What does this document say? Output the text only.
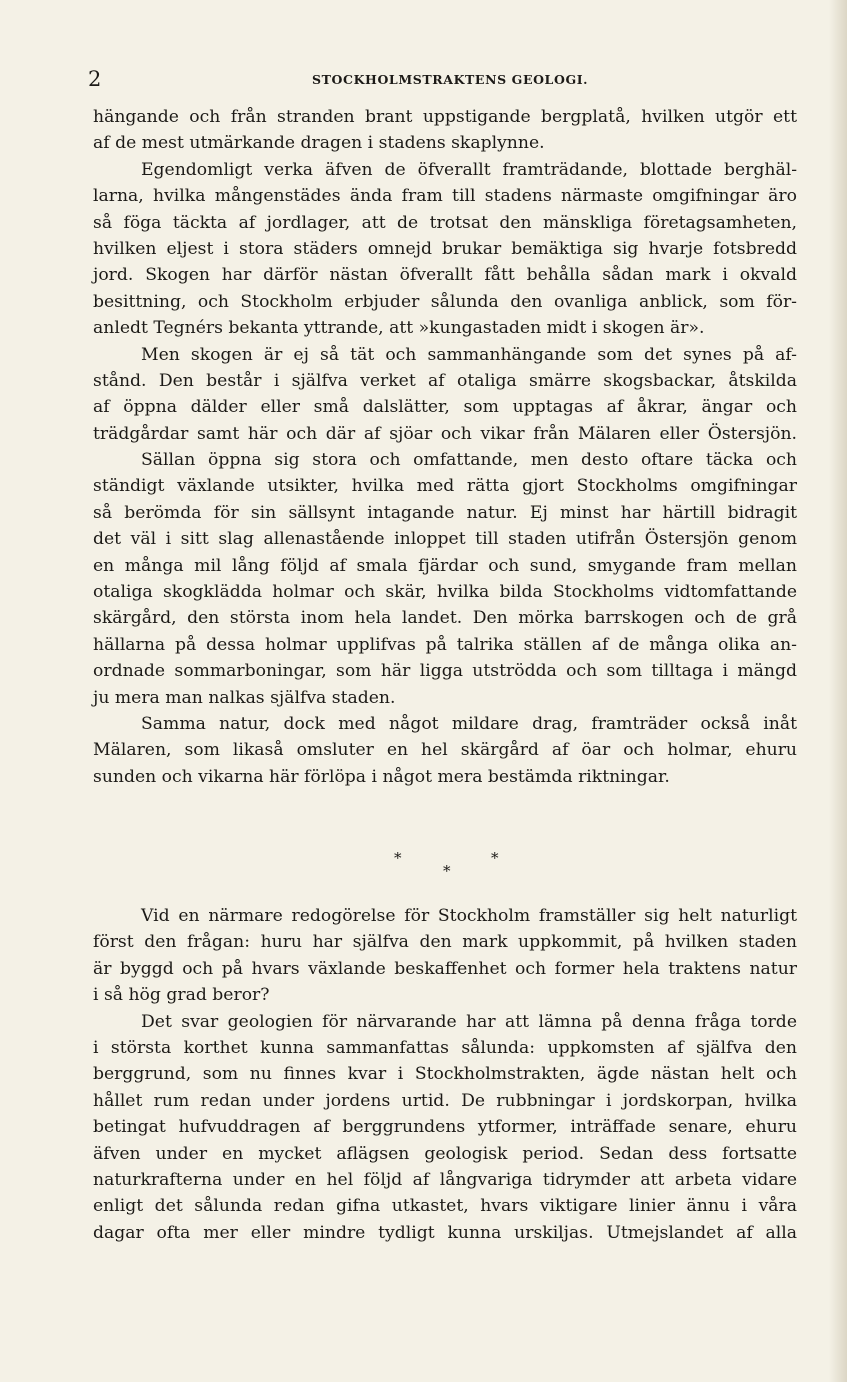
2	STOCKHOLMSTRAKTENS GEOLOGI.
hängande och från stranden brant uppstigande bergplatå, hvilken utgör ett
af de mest utmärkande dragen i stadens skaplynne.
Egendomligt verka äfven de öfverallt framträdande, blottade berghäl-
larna, hvilka mångenstädes ända fram till stadens närmaste omgifningar äro
så föga täckta af jordlager, att de trotsat den mänskliga företagsamheten,
hvilken eljest i stora städers omnejd brukar bemäktiga sig hvarje fotsbredd
jord. Skogen har därför nästan öfverallt fått behålla sådan mark i okvald
besittning, och Stockholm erbjuder sålunda den ovanliga anblick, som för-
anledt Tegnérs bekanta yttrande, att »kungastaden midt i skogen är».
Men skogen är ej så tät och sammanhängande som det synes på af-
stånd. Den består i själfva verket af otaliga smärre skogsbackar, åtskilda
af öppna dälder eller små dalslätter, som upptagas af åkrar, ängar och
trädgårdar samt här och där af sjöar och vikar från Mälaren eller Östersjön.
Sällan öppna sig stora och omfattande, men desto oftare täcka och
ständigt växlande utsikter, hvilka med rätta gjort Stockholms omgifningar
så berömda för sin sällsynt intagande natur. Ej minst har härtill bidragit
det väl i sitt slag allenastående inloppet till staden utifrån Östersjön genom
en många mil lång följd af smala fjärdar och sund, smygande fram mellan
otaliga skogklädda holmar och skär, hvilka bilda Stockholms vidtomfattande
skärgård, den största inom hela landet. Den mörka barrskogen och de grå
hällarna på dessa holmar upplifvas på talrika ställen af de många olika an-
ordnade sommarboningar, som här ligga utströdda och som tilltaga i mängd
ju mera man nalkas själfva staden.
Samma natur, dock med något mildare drag, framträder också inåt
Mälaren, som likaså omsluter en hel skärgård af öar och holmar, ehuru
sunden och vikarna här förlöpa i något mera bestämda riktningar.
*
*
*
Vid en närmare redogörelse för Stockholm framställer sig helt naturligt
först den frågan: huru har själfva den mark uppkommit, på hvilken staden
är byggd och på hvars växlande beskaffenhet och former hela traktens natur
i så hög grad beror?
Det svar geologien för närvarande har att lämna på denna fråga torde
i största korthet kunna sammanfattas sålunda: uppkomsten af själfva den
berggrund, som nu finnes kvar i Stockholmstrakten, ägde nästan helt och
hållet rum redan under jordens urtid. De rubbningar i jordskorpan, hvilka
betingat hufvuddragen af berggrundens ytformer, inträffade senare, ehuru
äfven under en mycket aflägsen geologisk period. Sedan dess fortsatte
naturkrafterna under en hel följd af långvariga tidrymder att arbeta vidare
enligt det sålunda redan gifna utkastet, hvars viktigare linier ännu i våra
dagar ofta mer eller mindre tydligt kunna urskiljas. Utmejslandet af alla
